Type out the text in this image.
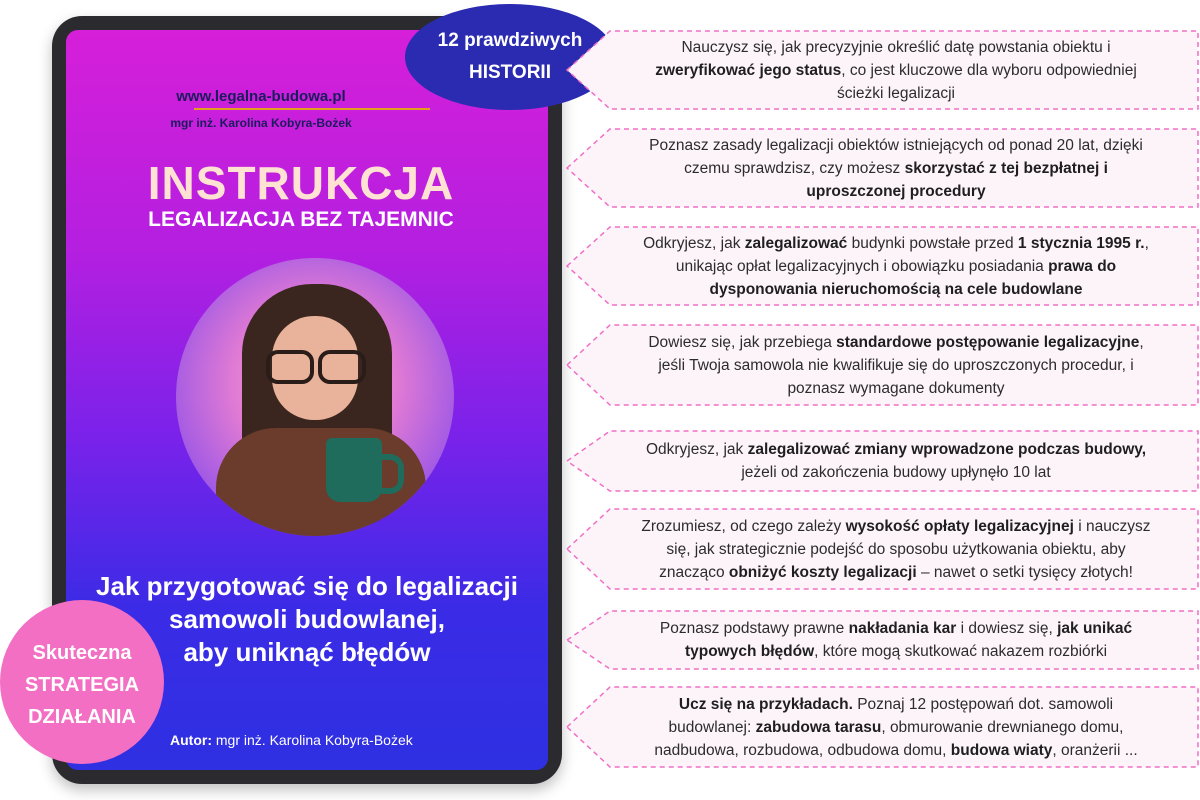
www.legalna-budowa.pl
mgr inż. Karolina Kobyra-Bożek
INSTRUKCJA
LEGALIZACJA BEZ TAJEMNIC
Jak przygotować się do legalizacji
samowoli budowlanej,
aby uniknąć błędów
Autor: mgr inż. Karolina Kobyra-Bożek
12 prawdziwych
HISTORII
Skuteczna
STRATEGIA
DZIAŁANIA
Nauczysz się, jak precyzyjnie określić datę powstania obiektu i
zweryfikować jego status, co jest kluczowe dla wyboru odpowiedniej
ścieżki legalizacji
Poznasz zasady legalizacji obiektów istniejących od ponad 20 lat, dzięki
czemu sprawdzisz, czy możesz skorzystać z tej bezpłatnej i
uproszczonej procedury
Odkryjesz, jak zalegalizować budynki powstałe przed 1 stycznia 1995 r.,
unikając opłat legalizacyjnych i obowiązku posiadania prawa do
dysponowania nieruchomością na cele budowlane
Dowiesz się, jak przebiega standardowe postępowanie legalizacyjne,
jeśli Twoja samowola nie kwalifikuje się do uproszczonych procedur, i
poznasz wymagane dokumenty
Odkryjesz, jak zalegalizować zmiany wprowadzone podczas budowy,
jeżeli od zakończenia budowy upłynęło 10 lat
Zrozumiesz, od czego zależy wysokość opłaty legalizacyjnej i nauczysz
się, jak strategicznie podejść do sposobu użytkowania obiektu, aby
znacząco obniżyć koszty legalizacji – nawet o setki tysięcy złotych!
Poznasz podstawy prawne nakładania kar i dowiesz się, jak unikać
typowych błędów, które mogą skutkować nakazem rozbiórki
Ucz się na przykładach. Poznaj 12 postępowań dot. samowoli
budowlanej: zabudowa tarasu, obmurowanie drewnianego domu,
nadbudowa, rozbudowa, odbudowa domu, budowa wiaty, oranżerii ...
